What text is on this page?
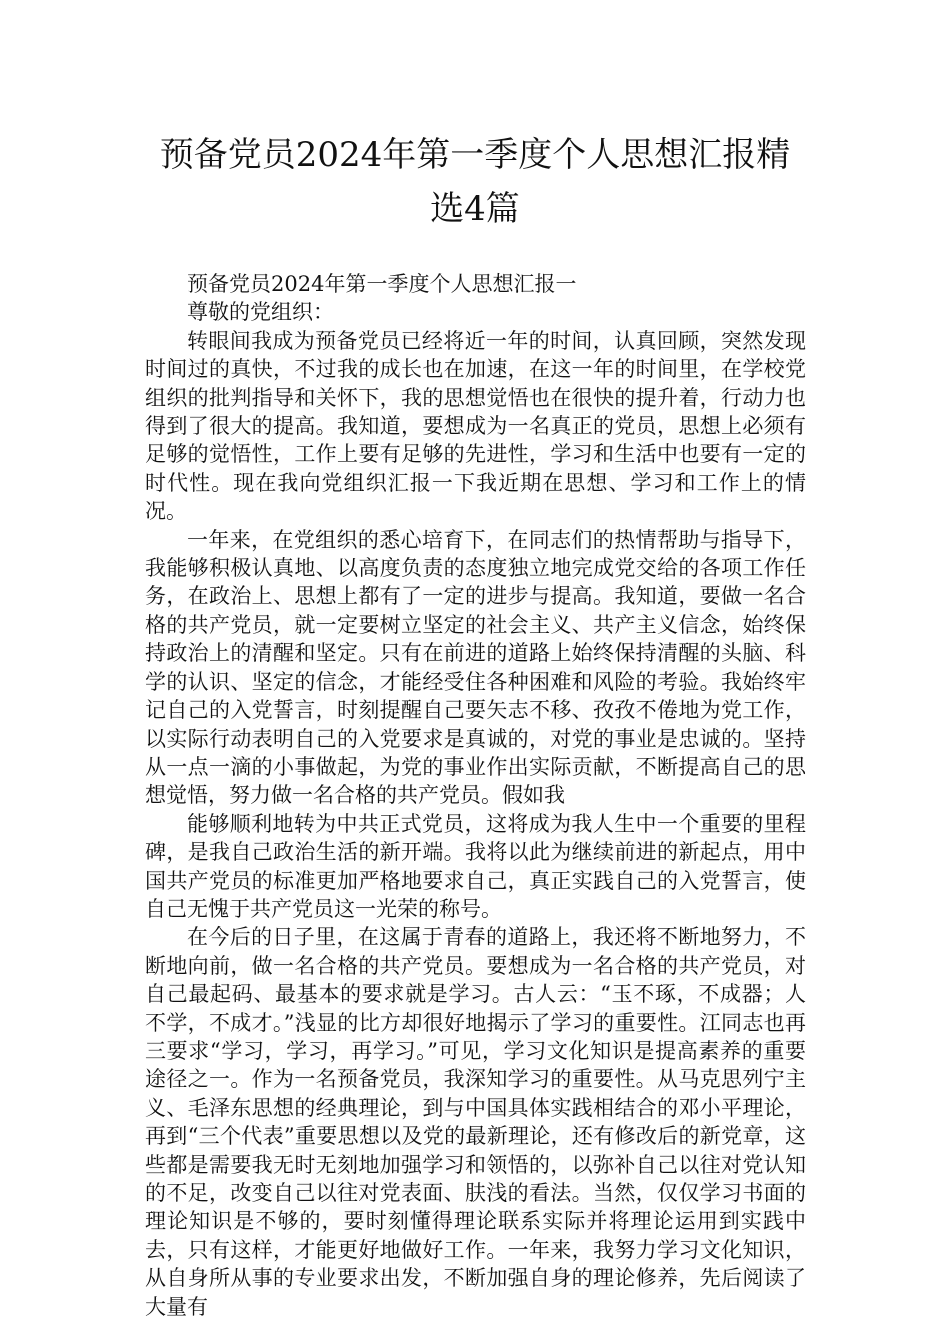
预备党员2024年第一季度个人思想汇报精
选4篇

预备党员2024年第一季度个人思想汇报一

尊敬的党组织：

转眼间我成为预备党员已经将近一年的时间，认真回顾，突然发现时间过的真快，不过我的成长也在加速，在这一年的时间里，在学校党组织的批判指导和关怀下，我的思想觉悟也在很快的提升着，行动力也得到了很大的提高。我知道，要想成为一名真正的党员，思想上必须有足够的觉悟性，工作上要有足够的先进性，学习和生活中也要有一定的时代性。现在我向党组织汇报一下我近期在思想、学习和工作上的情况。

一年来，在党组织的悉心培育下，在同志们的热情帮助与指导下，我能够积极认真地、以高度负责的态度独立地完成党交给的各项工作任务，在政治上、思想上都有了一定的进步与提高。我知道，要做一名合格的共产党员，就一定要树立坚定的社会主义、共产主义信念，始终保持政治上的清醒和坚定。只有在前进的道路上始终保持清醒的头脑、科学的认识、坚定的信念，才能经受住各种困难和风险的考验。我始终牢记自己的入党誓言，时刻提醒自己要矢志不移、孜孜不倦地为党工作，以实际行动表明自己的入党要求是真诚的，对党的事业是忠诚的。坚持从一点一滴的小事做起，为党的事业作出实际贡献，不断提高自己的思想觉悟，努力做一名合格的共产党员。假如我

能够顺利地转为中共正式党员，这将成为我人生中一个重要的里程碑，是我自己政治生活的新开端。我将以此为继续前进的新起点，用中国共产党员的标准更加严格地要求自己，真正实践自己的入党誓言，使自己无愧于共产党员这一光荣的称号。

在今后的日子里，在这属于青春的道路上，我还将不断地努力，不断地向前，做一名合格的共产党员。要想成为一名合格的共产党员，对自己最起码、最基本的要求就是学习。古人云：“玉不琢，不成器；人不学，不成才。”浅显的比方却很好地揭示了学习的重要性。江同志也再三要求“学习，学习，再学习。”可见，学习文化知识是提高素养的重要途径之一。作为一名预备党员，我深知学习的重要性。从马克思列宁主义、毛泽东思想的经典理论，到与中国具体实践相结合的邓小平理论，再到“三个代表”重要思想以及党的最新理论，还有修改后的新党章，这些都是需要我无时无刻地加强学习和领悟的，以弥补自己以往对党认知的不足，改变自己以往对党表面、肤浅的看法。当然，仅仅学习书面的理论知识是不够的，要时刻懂得理论联系实际并将理论运用到实践中去，只有这样，才能更好地做好工作。一年来，我努力学习文化知识，从自身所从事的专业要求出发，不断加强自身的理论修养，先后阅读了大量有
